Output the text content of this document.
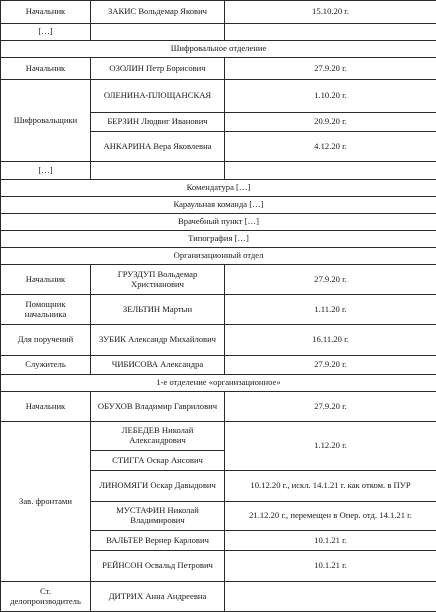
Начальник	ЗАКИС Вольдемар Якович	15.10.20 г.
[…]		
Шифровальное отделение		
Начальник	ОЗОЛИН Петр Борисович	27.9.20 г.
Шифровальщики	ОЛЕНИНА-ПЛОЩАНСКАЯ	1.10.20 г.
	БЕРЗИН Людвиг Иванович	20.9.20 г.
	АНКАРИНА Вера Яковлевна	4.12.20 г.
[…]		
Комендатура […]		
Караульная команда […]		
Врачебный пункт […]		
Типография […]		
Организационный отдел		
Начальник	ГРУЗДУП Вольдемар Христианович	27.9.20 г.
Помощник начальника	ЗЕЛЬТИН Мартын	1.11.20 г.
Для поручений	ЗУБИК Александр Михайлович	16.11.20 г.
Служитель	ЧИБИСОВА Александра	27.9.20 г.
1-е отделение «организационное»		
Начальник	ОБУХОВ Владимир Гаврилович	27.9.20 г.
Зав. фронтами	ЛЕБЕДЕВ Николай Александрович	1.12.20 г.
	СТИГГА Оскар Ансович	
	ЛИНОМЯГИ Оскар Давыдович	10.12.20 г., искл. 14.1.21 г. как отком. в ПУР
	МУСТАФИН Николай Владимирович	21.12.20 г., перемещен в Опер. отд. 14.1.21 г.
	ВАЛЬТЕР Вернер Карлович	10.1.21 г.
	РЕЙНСОН Освальд Петрович	10.1.21 г.
Ст. делопроизводитель	ДИТРИХ Анна Андреевна	
